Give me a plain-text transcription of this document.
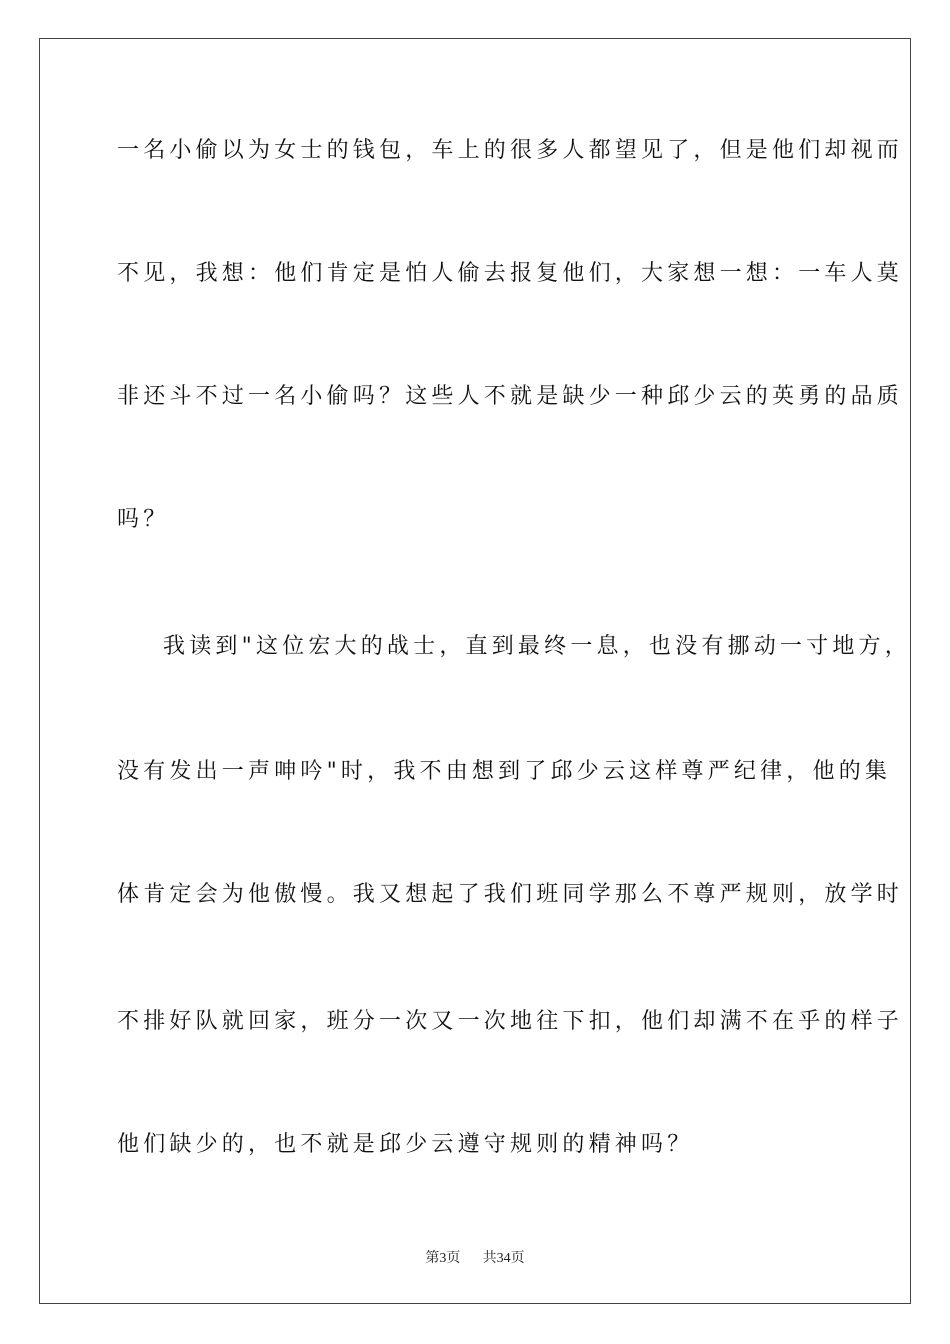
一名小偷以为女士的钱包，车上的很多人都望见了，但是他们却视而
不见，我想：他们肯定是怕人偷去报复他们，大家想一想：一车人莫
非还斗不过一名小偷吗？这些人不就是缺少一种邱少云的英勇的品质
吗？
我读到"这位宏大的战士，直到最终一息，也没有挪动一寸地方，
没有发出一声呻吟"时，我不由想到了邱少云这样尊严纪律，他的集
体肯定会为他傲慢。我又想起了我们班同学那么不尊严规则，放学时
不排好队就回家，班分一次又一次地往下扣，他们却满不在乎的样子
他们缺少的，也不就是邱少云遵守规则的精神吗？
第3页 共34页
